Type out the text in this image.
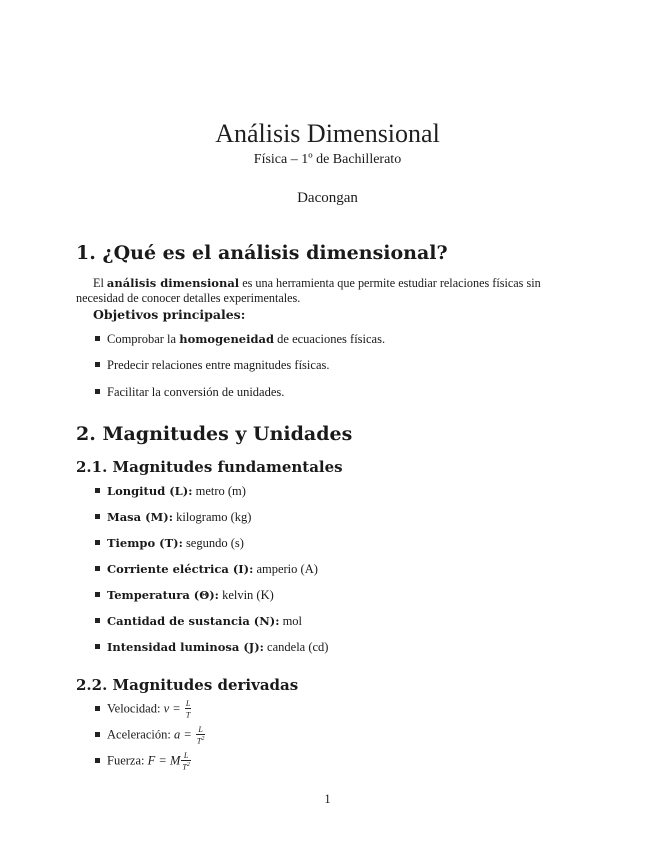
Análisis Dimensional
Física – 1º de Bachillerato
Dacongan
1. ¿Qué es el análisis dimensional?
El análisis dimensional es una herramienta que permite estudiar relaciones físicas sin necesidad de conocer detalles experimentales.
Objetivos principales:
Comprobar la homogeneidad de ecuaciones físicas.
Predecir relaciones entre magnitudes físicas.
Facilitar la conversión de unidades.
2. Magnitudes y Unidades
2.1. Magnitudes fundamentales
Longitud (L): metro (m)
Masa (M): kilogramo (kg)
Tiempo (T): segundo (s)
Corriente eléctrica (I): amperio (A)
Temperatura (Θ): kelvin (K)
Cantidad de sustancia (N): mol
Intensidad luminosa (J): candela (cd)
2.2. Magnitudes derivadas
Velocidad: $v = \frac{L}{T}$
Aceleración: $a = \frac{L}{T^2}$
Fuerza: F = M $\frac{L}{T^2}$
1
